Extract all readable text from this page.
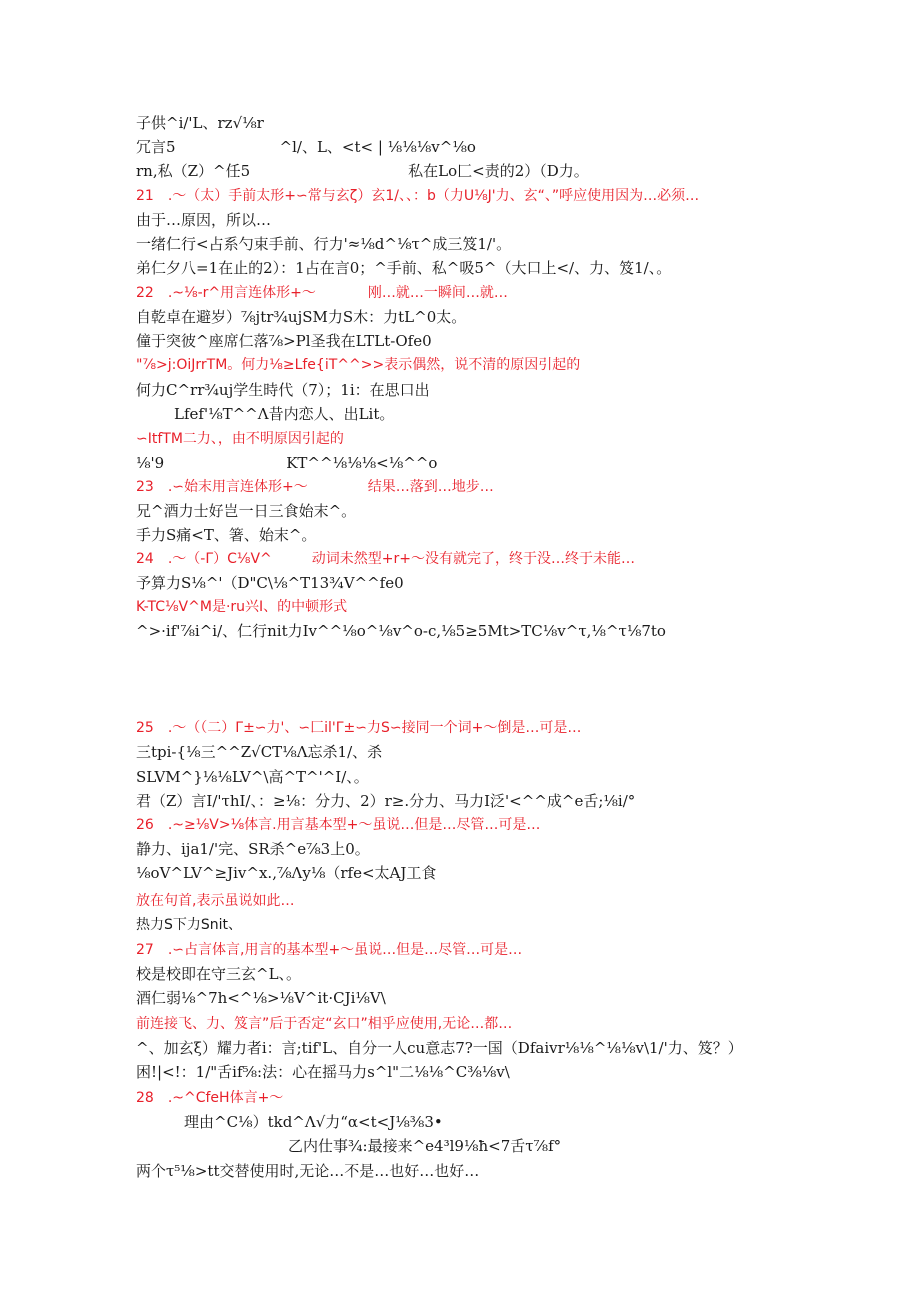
子供^i/'L、rz√⅛r
冗言5	^l/、L、<t< | ⅛⅛⅛v^⅛o
rn,私（Z）^任5	私在Lo匚<责的2）（D力。
21　.～（太）手前太形+∽常与玄ζ）玄1/、、：b（力U⅛J'力、玄“、”呼应使用因为…必须…
由于…原因，所以…
一绪仁行<占系勺束手前、行力'≈⅛d^⅛τ^成三笈1/'。
弟仁夕八=1在止的2）：1占在言0；^手前、私^吸5^（大口上</、力、笈1/、。
22　.~⅛-r^用言连体形+～	刚…就…一瞬间…就…
自乾卓在避岁）⅞jtr¾ujSM力S木：力tL^0太。
僮于突彼^座席仁落⅞>Pl圣我在LTLt-Ofe0
"⅞>j:OiJrrTM。何力⅛≥Lfe{iT^^>>表示偶然，说不清的原因引起的
何力C^rr¾uj学生時代（7）；1i：在思口出
Lfef'⅛T^^Λ昔内恋人、出Lit。
∽ItfTM二力、，由不明原因引起的
⅛'9	KT^^⅛⅛⅛<⅛^^o
23　.∽始末用言连体形+～	结果…落到…地步…
兄^酒力士好岂一日三食始末^。
手力S痛<T、箸、始末^。
24　.～（-Γ）C⅛V^	动词未然型+r+～没有就完了，终于没…终于未能…
予算力S⅛^'（D"C\⅛^T13¾V^^fe0
K-TC⅛V^M是·ru兴I、的中顿形式
^>·if'⅞i^i/、仁行nit力Iv^^⅛o^⅛v^o-c,⅛5≥5Mt>TC⅛v^τ,⅛^τ⅛7to
25　.～（（二）Γ±∽力'、∽匚il'Γ±∽力S∽接同一个词+～倒是…可是…
三tpi-{⅛三^^Z√CT⅛Λ忘杀1/、杀
SLVM^}⅛⅛LV^\高^T^'^I/、。
君（Z）言I/'τhI/、：≥⅛：分力、2）r≥.分力、马力I泛'<^^成^e舌;⅛i/°
26　.~≥⅛V>⅛体言.用言基本型+～虽说…但是…尽管…可是…
静力、ija1/'完、SR杀^e⅞3上0。
⅛oV^LV^≥Jiv^x.,⅞Λy⅛（rfe<太AJ工食
放在句首,表示虽说如此…
热力S下力Snit、
27　.∽占言体言,用言的基本型+～虽说…但是…尽管…可是…
校是校即在守三玄^L、。
酒仁弱⅛^7h<^⅛>⅛V^it·CJi⅛V\
前连接飞、力、笈言”后于否定“玄口”相乎应使用,无论…都…
^、加玄ξ）耀力者i：言;tif'L、自分一人cu意志7?一国（Dfaivr⅛⅛^⅛⅛v\1/'力、笈？）
困!|<!：1/"舌if⅝:法：心在摇马力s^l"二⅛⅛^C⅜⅛v\
28　.~^CfeH体言+～
理由^C⅛）tkd^Λ√力“α<t<J⅛⅜3•
乙内仕事¾:最接来^e4³l9⅛ħ<7舌τ⅞f°
两个τ⁵⅛>tt交替使用时,无论…不是…也好…也好…
